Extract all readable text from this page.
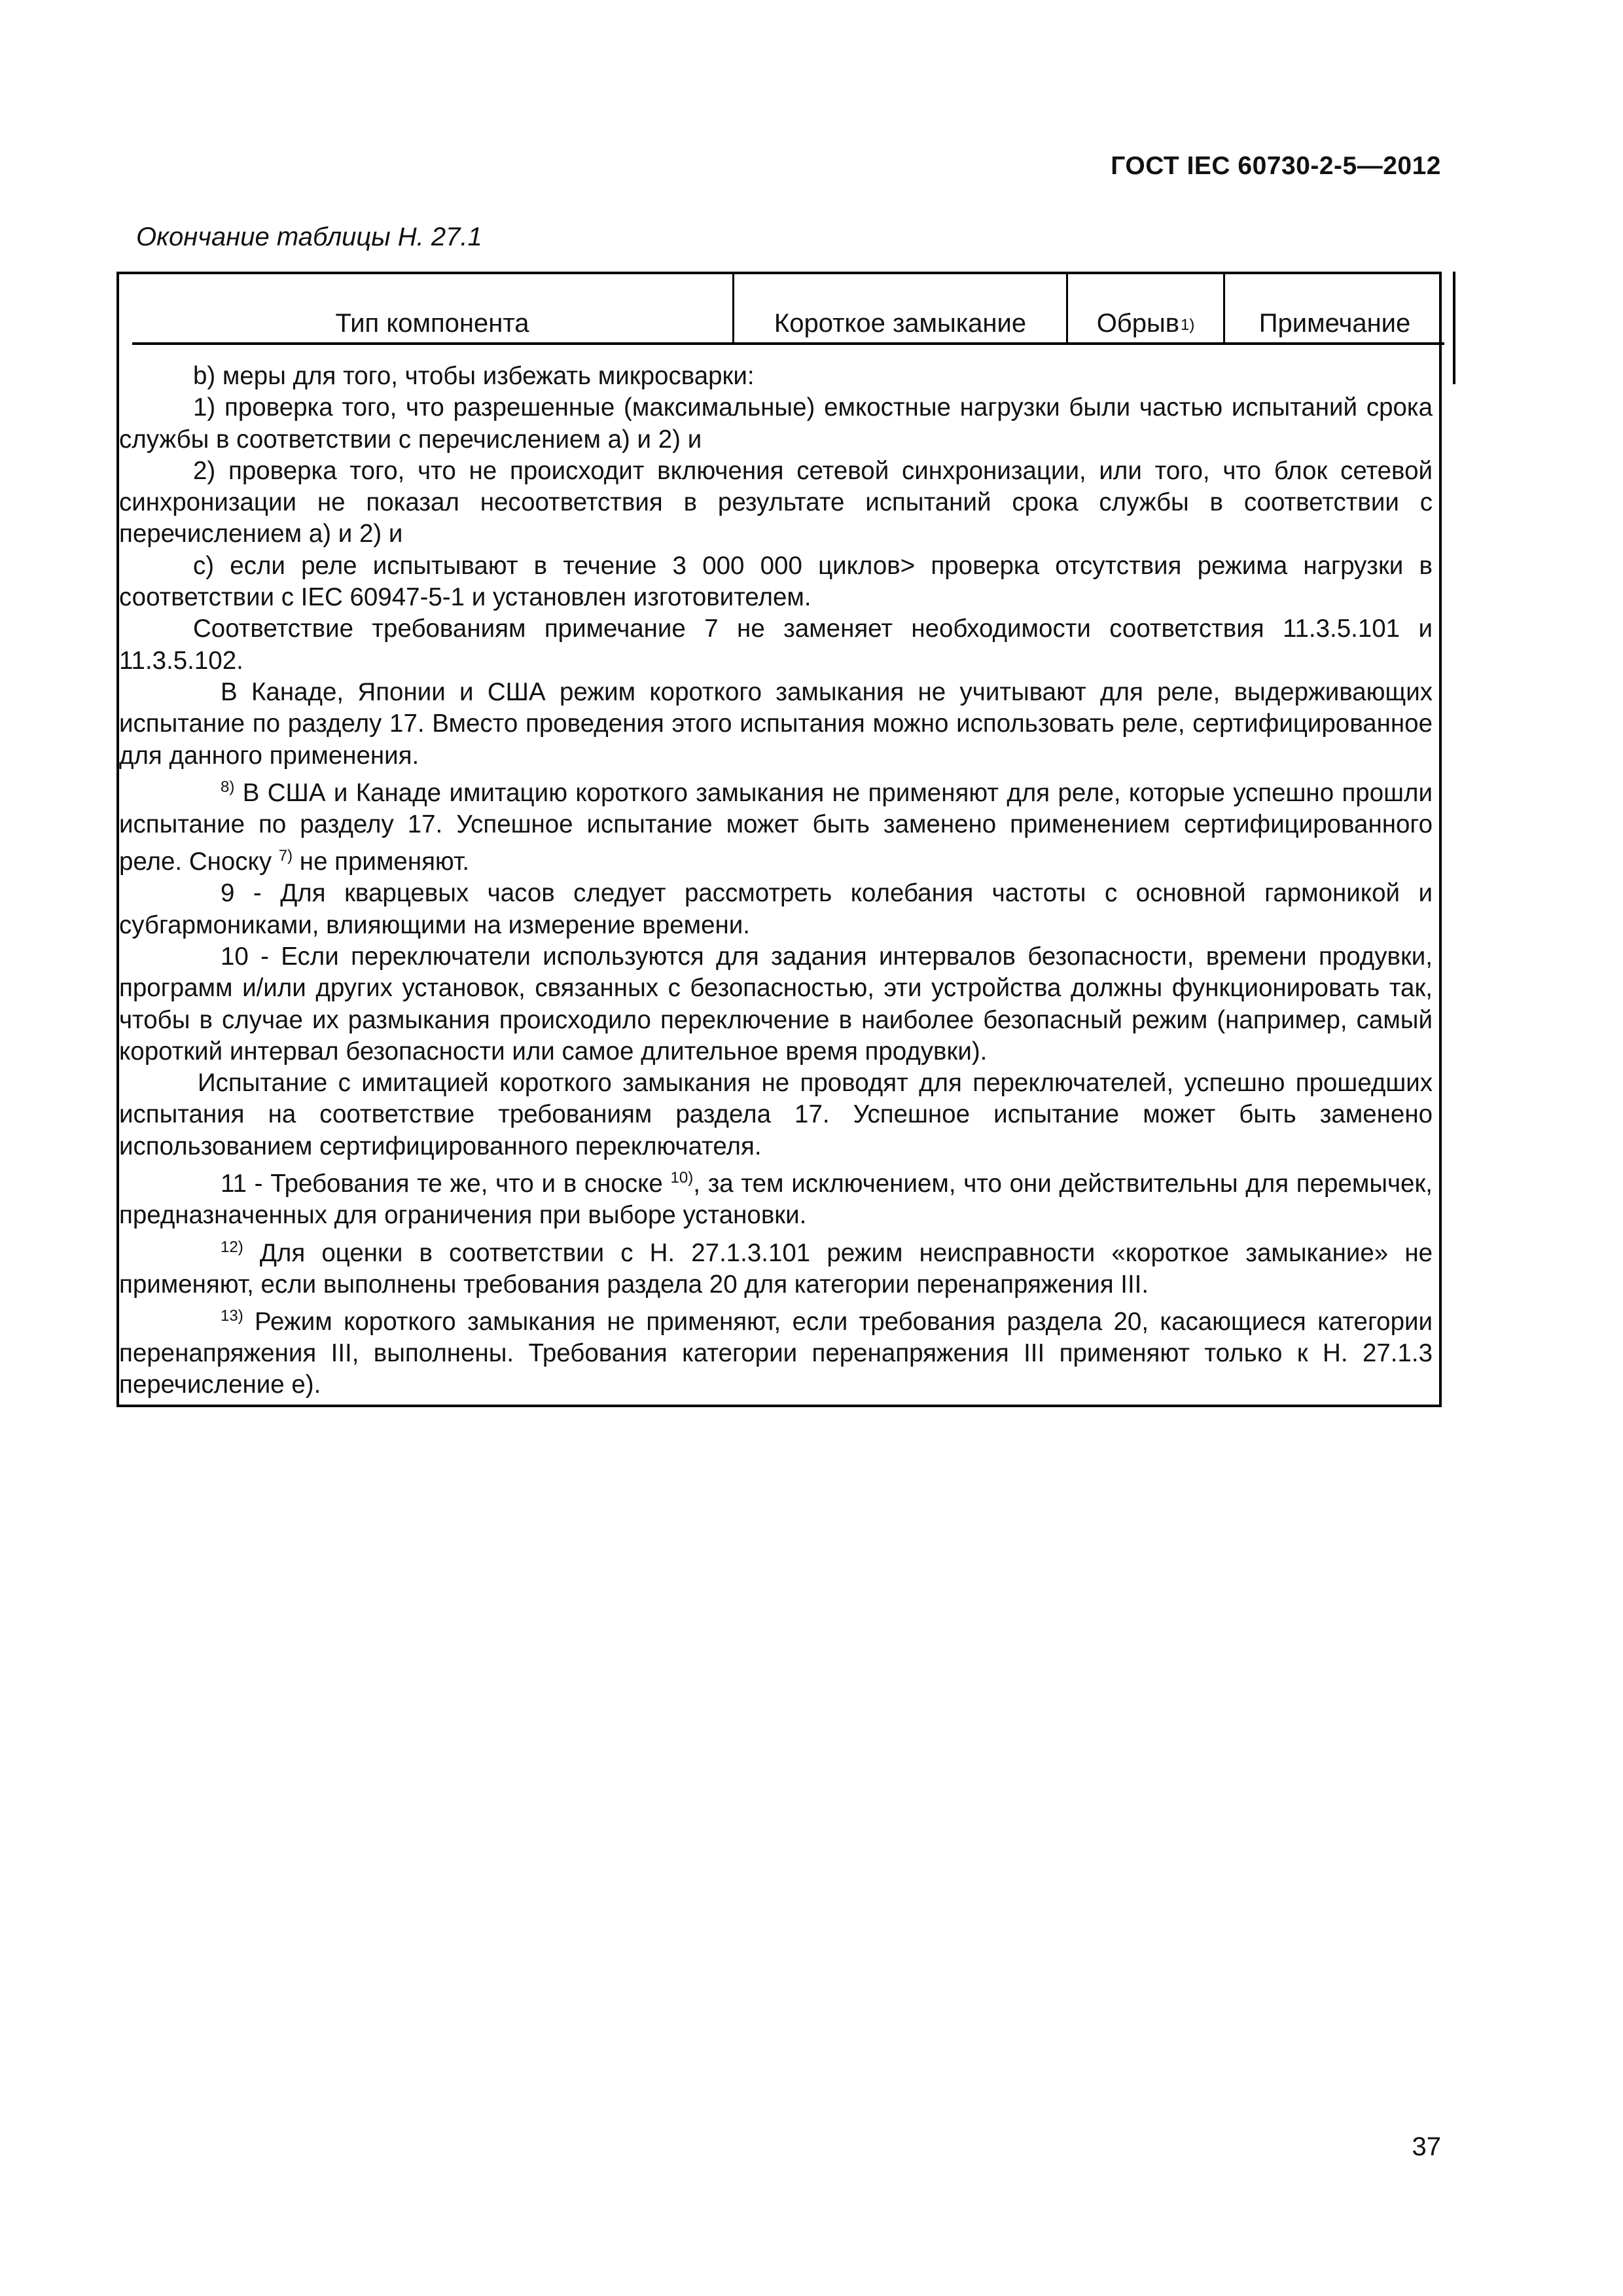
ГОСТ IEC 60730-2-5—2012
Окончание таблицы Н. 27.1
Тип компонента	Короткое замыкание	Обрыв$^{1)}$ Примечание

b) меры для того, чтобы избежать микросварки:

1) проверка того, что разрешенные (максимальные) емкостные нагрузки были частью испытаний срока службы в соответствии с перечислением а) и 2) и

2) проверка того, что не происходит включения сетевой синхронизации, или того, что блок сетевой синхронизации не показал несоответствия в результате испытаний срока службы в соответствии с перечислением а) и 2) и

c) если реле испытывают в течение 3 000 000 циклов> проверка отсутствия режима нагрузки в соответствии с IEC 60947-5-1 и установлен изготовителем.

Соответствие требованиям примечание 7 не заменяет необходимости соответствия 11.3.5.101 и 11.3.5.102.

В Канаде, Японии и США режим короткого замыкания не учитывают для реле, выдерживающих испытание по разделу 17. Вместо проведения этого испытания можно использовать реле, сертифицированное для данного применения.

$^{8)}$ В США и Канаде имитацию короткого замыкания не применяют для реле, которые успешно прошли испытание по разделу 17. Успешное испытание может быть заменено применением сертифицированного реле. Сноску $^{7)}$ не применяют.

9 - Для кварцевых часов следует рассмотреть колебания частоты с основной гармоникой и субгармониками, влияющими на измерение времени.

10 - Если переключатели используются для задания интервалов безопасности, времени продувки, программ и/или других установок, связанных с безопасностью, эти устройства должны функционировать так, чтобы в случае их размыкания происходило переключение в наиболее безопасный режим (например, самый короткий интервал безопасности или самое длительное время продувки).

Испытание с имитацией короткого замыкания не проводят для переключателей, успешно прошедших испытания на соответствие требованиям раздела 17. Успешное испытание может быть заменено использованием сертифицированного переключателя.

11 - Требования те же, что и в сноске $^{10)}$, за тем исключением, что они действительны для перемычек, предназначенных для ограничения при выборе установки.

$^{12)}$ Для оценки в соответствии с Н. 27.1.3.101 режим неисправности «короткое замыкание» не применяют, если выполнены требования раздела 20 для категории перенапряжения III.

$^{13)}$ Режим короткого замыкания не применяют, если требования раздела 20, касающиеся категории перенапряжения III, выполнены. Требования категории перенапряжения III применяют только к Н. 27.1.3 перечисление е).

37
